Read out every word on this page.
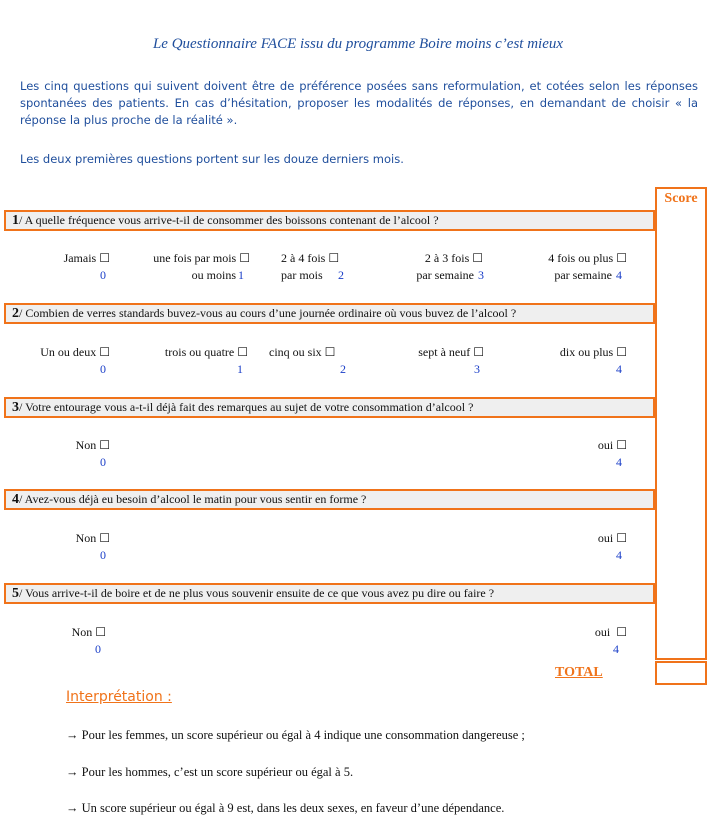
Le Questionnaire FACE issu du programme Boire moins c’est mieux
Les cinq questions qui suivent doivent être de préférence posées sans reformulation, et cotées selon les réponses spontanées des patients. En cas d’hésitation, proposer les modalités de réponses, en demandant de choisir « la réponse la plus proche de la réalité ».
Les deux premières questions portent sur les douze derniers mois.
Score
1/ A quelle fréquence vous arrive-t-il de consommer des boissons contenant de l’alcool ?
Jamais ☐
0
une fois par mois ☐
ou moins 1
2 à 4 fois ☐
par mois 2
2 à 3 fois ☐
par semaine 3
4 fois ou plus ☐
par semaine 4
2/ Combien de verres standards buvez-vous au cours d’une journée ordinaire où vous buvez de l’alcool ?
Un ou deux ☐
0
trois ou quatre ☐
1
cinq ou six ☐
2
sept à neuf ☐
3
dix ou plus ☐
4
3/ Votre entourage vous a-t-il déjà fait des remarques au sujet de votre consommation d’alcool ?
Non ☐
0
oui ☐
4
4/ Avez-vous déjà eu besoin d’alcool le matin pour vous sentir en forme ?
Non ☐
0
oui ☐
4
5/ Vous arrive-t-il de boire et de ne plus vous souvenir ensuite de ce que vous avez pu dire ou faire ?
Non ☐
0
oui ☐
4
TOTAL
Interprétation :
→ Pour les femmes, un score supérieur ou égal à 4 indique une consommation dangereuse ;
→ Pour les hommes, c’est un score supérieur ou égal à 5.
→ Un score supérieur ou égal à 9 est, dans les deux sexes, en faveur d’une dépendance.
